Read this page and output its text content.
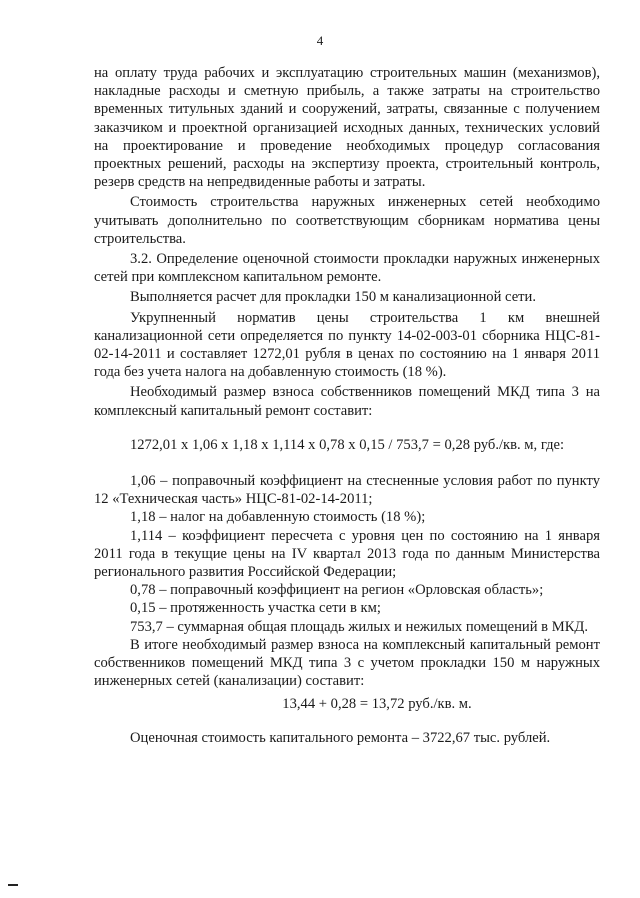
4

на оплату труда рабочих и эксплуатацию строительных машин (механизмов), накладные расходы и сметную прибыль, а также затраты на строительство временных титульных зданий и сооружений, затраты, связанные с получением заказчиком и проектной организацией исходных данных, технических условий на проектирование и проведение необходимых процедур согласования проектных решений, расходы на экспертизу проекта, строительный контроль, резерв средств на непредвиденные работы и затраты.

Стоимость строительства наружных инженерных сетей необходимо учитывать дополнительно по соответствующим сборникам норматива цены строительства.

3.2. Определение оценочной стоимости прокладки наружных инженерных сетей при комплексном капитальном ремонте.

Выполняется расчет для прокладки 150 м канализационной сети.

Укрупненный норматив цены строительства 1 км внешней канализационной сети определяется по пункту 14-02-003-01 сборника НЦС-81-02-14-2011 и составляет 1272,01 рубля в ценах по состоянию на 1 января 2011 года без учета налога на добавленную стоимость (18 %).

Необходимый размер взноса собственников помещений МКД типа 3 на комплексный капитальный ремонт составит:

1272,01 х 1,06 х 1,18 х 1,114 х 0,78 х 0,15 / 753,7 = 0,28 руб./кв. м, где:

1,06 – поправочный коэффициент на стесненные условия работ по пункту 12 «Техническая часть» НЦС-81-02-14-2011;

1,18 – налог на добавленную стоимость (18 %);

1,114 – коэффициент пересчета с уровня цен по состоянию на 1 января 2011 года в текущие цены на IV квартал 2013 года по данным Министерства регионального развития Российской Федерации;

0,78 – поправочный коэффициент на регион «Орловская область»;

0,15 – протяженность участка сети в км;

753,7 – суммарная общая площадь жилых и нежилых помещений в МКД.

В итоге необходимый размер взноса на комплексный капитальный ремонт собственников помещений МКД типа 3 с учетом прокладки 150 м наружных инженерных сетей (канализации) составит:

13,44 + 0,28 = 13,72 руб./кв. м.

Оценочная стоимость капитального ремонта – 3722,67 тыс. рублей.
